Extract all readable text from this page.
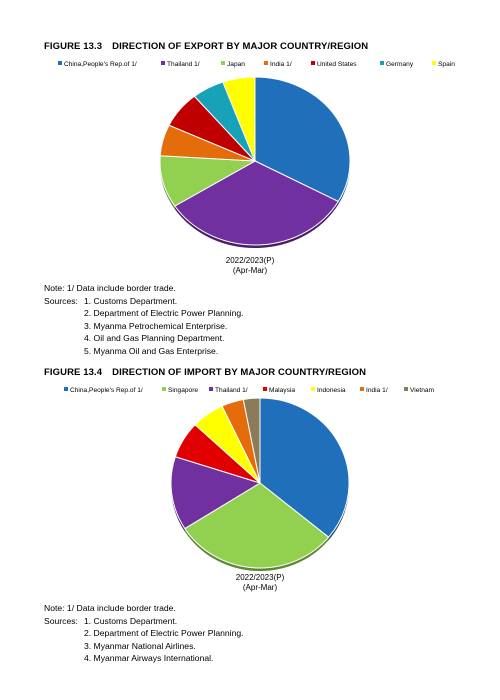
FIGURE 13.3 DIRECTION OF EXPORT BY MAJOR COUNTRY/REGION
China,People's Rep.of 1/	Thailand 1/	Japan	India 1/	United States	Germany	Spain
2022/2023(P)
(Apr-Mar)
Note: 1/ Data include border trade.
Sources: 1. Customs Department.
2. Department of Electric Power Planning.
3. Myanma Petrochemical Enterprise.
4. Oil and Gas Planning Department.
5. Myanma Oil and Gas Enterprise.
FIGURE 13.4 DIRECTION OF IMPORT BY MAJOR COUNTRY/REGION
China,People's Rep.of 1/	Singapore	Thailand 1/	Malaysia	Indonesia	India 1/	Vietnam
2022/2023(P)
(Apr-Mar)
Note: 1/ Data include border trade.
Sources: 1. Customs Department.
2. Department of Electric Power Planning.
3. Myanmar National Airlines.
4. Myanmar Airways International.
